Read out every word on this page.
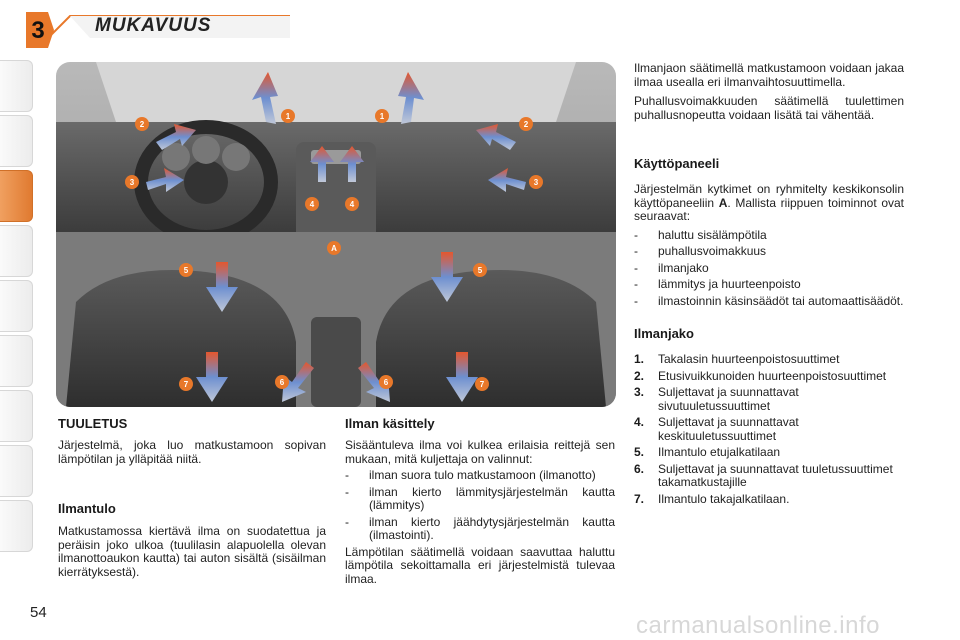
3	MUKAVUUS
1	1
2	2
3	3
4	4
5	5
6	6
7	7
A
TUULETUS
Järjestelmä, joka luo matkustamoon sopivan lämpötilan ja ylläpitää niitä.
Ilmantulo
Matkustamossa kiertävä ilma on suodatettua ja peräisin joko ulkoa (tuulilasin alapuolella olevan ilmanottoaukon kautta) tai auton sisältä (sisäilman kierrätyksestä).
Ilman käsittely
Sisääntuleva ilma voi kulkea erilaisia reittejä sen mukaan, mitä kuljettaja on valinnut:
- ilman suora tulo matkustamoon (ilmanotto)
- ilman kierto lämmitysjärjestelmän kautta (lämmitys)
- ilman kierto jäähdytysjärjestelmän kautta (ilmastointi).
Lämpötilan säätimellä voidaan saavuttaa haluttu lämpötila sekoittamalla eri järjestelmistä tulevaa ilmaa.
Ilmanjaon säätimellä matkustamoon voidaan jakaa ilmaa usealla eri ilmanvaihtosuuttimella.
Puhallusvoimakkuuden säätimellä tuulettimen puhallusnopeutta voidaan lisätä tai vähentää.
Käyttöpaneeli
Järjestelmän kytkimet on ryhmitelty keskikonsolin käyttöpaneeliin A. Mallista riippuen toiminnot ovat seuraavat:
- haluttu sisälämpötila
- puhallusvoimakkuus
- ilmanjako
- lämmitys ja huurteenpoisto
- ilmastoinnin käsinsäädöt tai automaattisäädöt.
Ilmanjako
1. Takalasin huurteenpoistosuuttimet
2. Etusivuikkunoiden huurteenpoistosuuttimet
3. Suljettavat ja suunnattavat sivutuuletussuuttimet
4. Suljettavat ja suunnattavat keskituuletussuuttimet
5. Ilmantulo etujalkatilaan
6. Suljettavat ja suunnattavat tuuletussuuttimet takamatkustajille
7. Ilmantulo takajalkatilaan.
54	carmanualsonline.info
